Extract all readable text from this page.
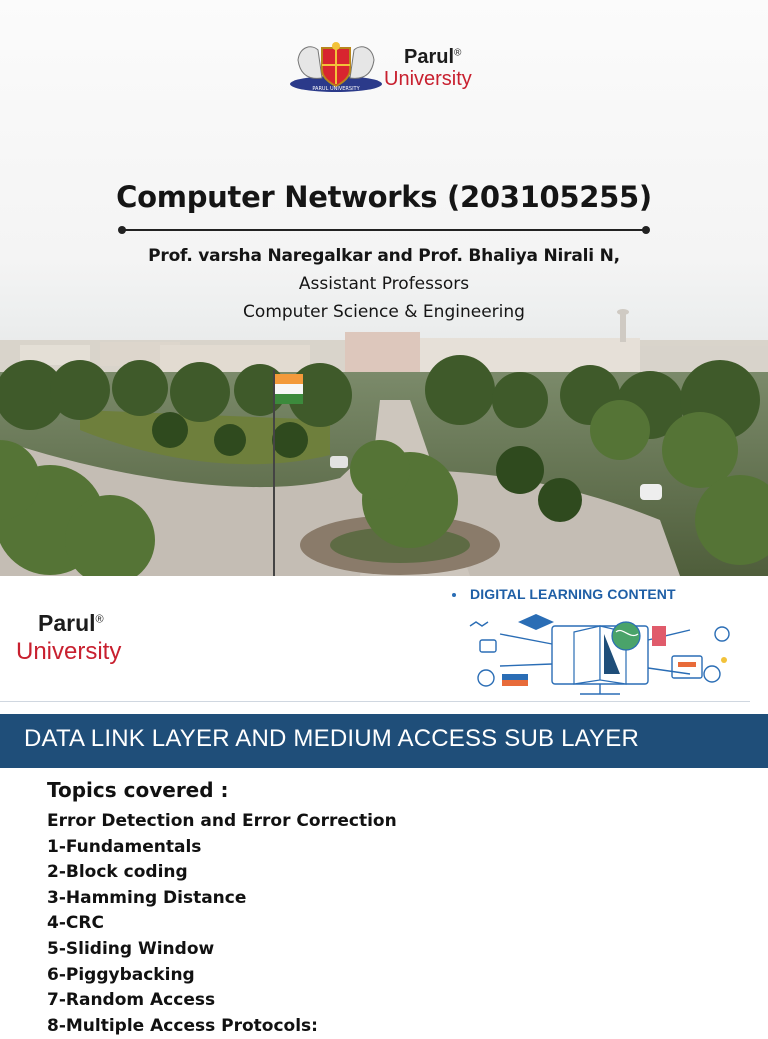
PARUL UNIVERSITY
Parul®
University
Computer Networks (203105255)
Prof. varsha Naregalkar and Prof. Bhaliya Nirali N,
Assistant Professors
Computer Science & Engineering
Parul®
University
DIGITAL LEARNING CONTENT
DATA LINK LAYER AND MEDIUM ACCESS SUB LAYER
Topics covered :
Error Detection and Error Correction
1-Fundamentals
2-Block coding
3-Hamming Distance
4-CRC
5-Sliding Window
6-Piggybacking
7-Random Access
8-Multiple Access Protocols:
